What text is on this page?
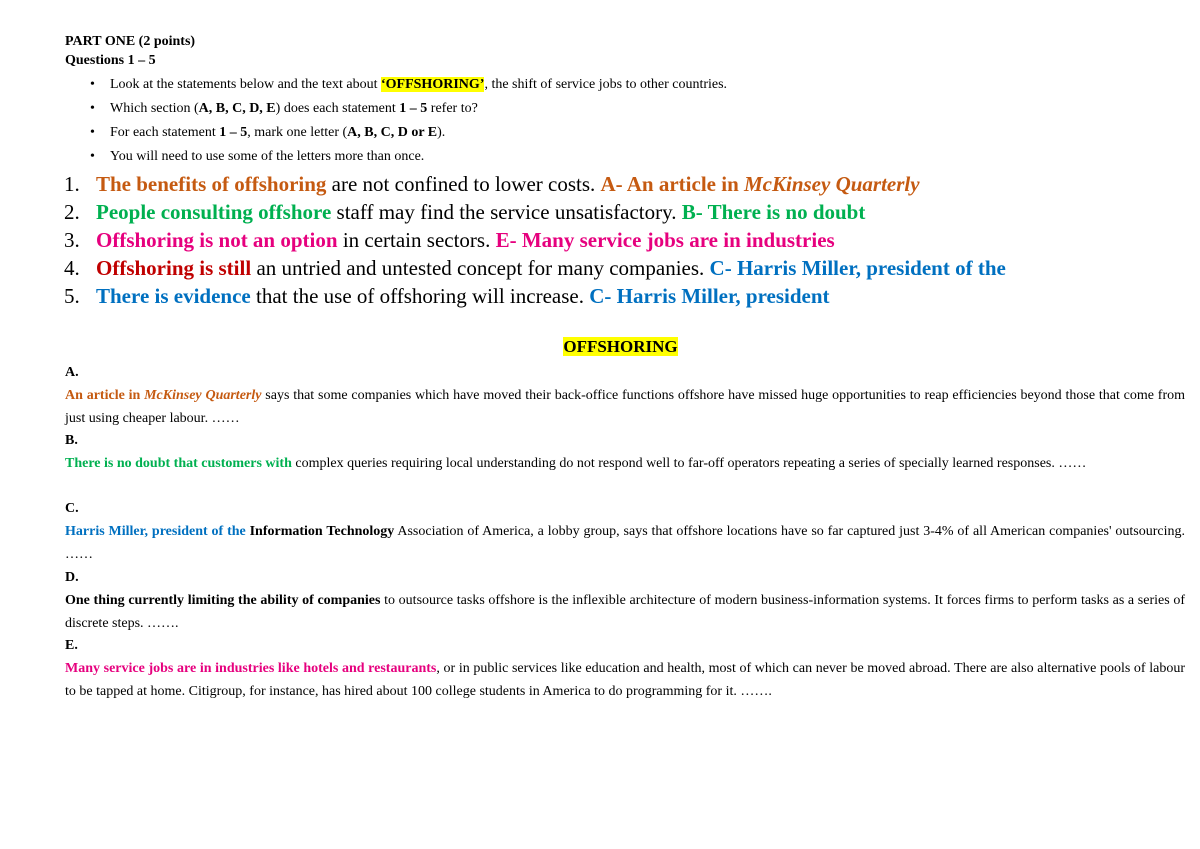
PART ONE (2 points)
Questions 1 – 5
• Look at the statements below and the text about ‘OFFSHORING’, the shift of service jobs to other countries.
• Which section (A, B, C, D, E) does each statement 1 – 5 refer to?
• For each statement 1 – 5, mark one letter (A, B, C, D or E).
• You will need to use some of the letters more than once.
1. The benefits of offshoring are not confined to lower costs. A- An article in McKinsey Quarterly
2. People consulting offshore staff may find the service unsatisfactory. B- There is no doubt
3. Offshoring is not an option in certain sectors. E- Many service jobs are in industries
4. Offshoring is still an untried and untested concept for many companies. C- Harris Miller, president of the
5. There is evidence that the use of offshoring will increase. C- Harris Miller, president
OFFSHORING
A.
An article in McKinsey Quarterly says that some companies which have moved their back-office functions offshore have missed huge opportunities to reap efficiencies beyond those that come from just using cheaper labour. ……
B.
There is no doubt that customers with complex queries requiring local understanding do not respond well to far-off operators repeating a series of specially learned responses. ……
C.
Harris Miller, president of the Information Technology Association of America, a lobby group, says that offshore locations have so far captured just 3-4% of all American companies' outsourcing. ……
D.
One thing currently limiting the ability of companies to outsource tasks offshore is the inflexible architecture of modern business-information systems. It forces firms to perform tasks as a series of discrete steps. …….
E.
Many service jobs are in industries like hotels and restaurants, or in public services like education and health, most of which can never be moved abroad. There are also alternative pools of labour to be tapped at home. Citigroup, for instance, has hired about 100 college students in America to do programming for it. …….
